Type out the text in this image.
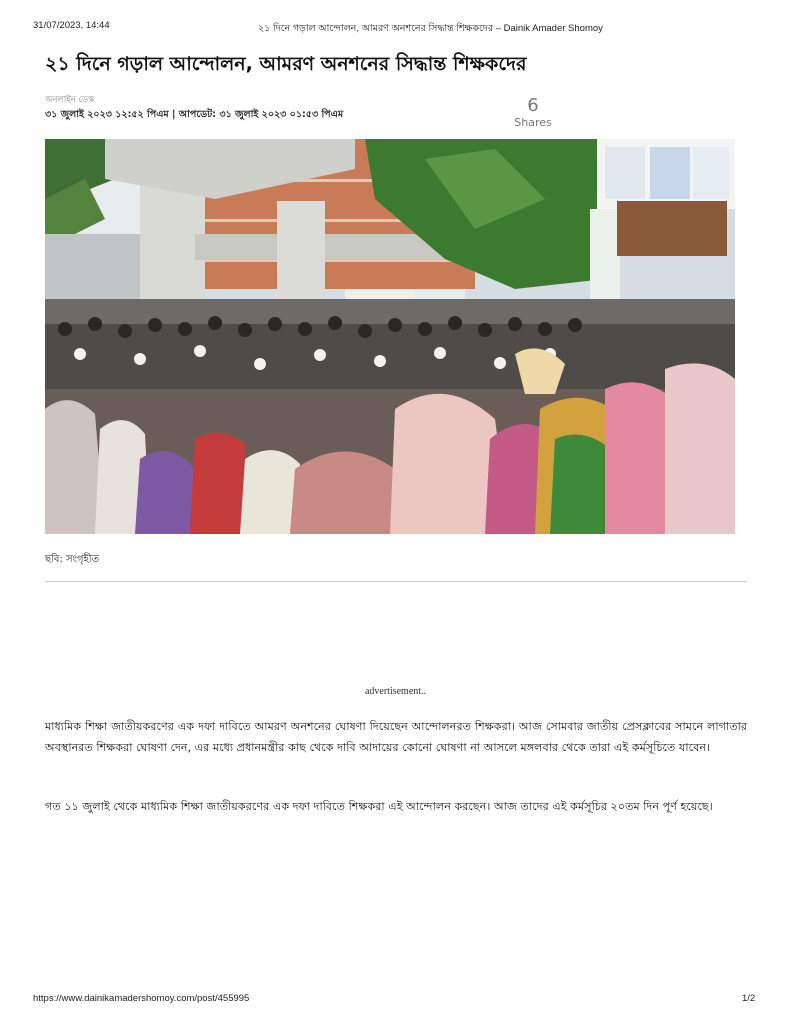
31/07/2023, 14:44	২১ দিনে গড়াল আন্দোলন, আমরণ অনশনের সিদ্ধান্ত শিক্ষকদের – Dainik Amader Shomoy
২১ দিনে গড়াল আন্দোলন, আমরণ অনশনের সিদ্ধান্ত শিক্ষকদের
অনলাইন ডেস্ক
৩১ জুলাই ২০২৩ ১২:৫২ পিএম | আপডেট: ৩১ জুলাই ২০২৩ ০১:৫৩ পিএম	6
Shares
ছবি: সংগৃহীত
advertisement..
মাধ্যমিক শিক্ষা জাতীয়করণের এক দফা দাবিতে আমরণ অনশনের ঘোষণা দিয়েছেন আন্দোলনরত শিক্ষকরা। আজ সোমবার জাতীয় প্রেসক্লাবের সামনে লাগাতার অবস্থানরত শিক্ষকরা ঘোষণা দেন, এর মধ্যে প্রধানমন্ত্রীর কাছ থেকে দাবি আদায়ের কোনো ঘোষণা না আসলে মঙ্গলবার থেকে তারা এই কর্মসূচিতে যাবেন।
গত ১১ জুলাই থেকে মাধ্যমিক শিক্ষা জাতীয়করণের এক দফা দাবিতে শিক্ষকরা এই আন্দোলন করছেন। আজ তাদের এই কর্মসূচির ২০তম দিন পূর্ণ হয়েছে।
https://www.dainikamadershomoy.com/post/455995	1/2
